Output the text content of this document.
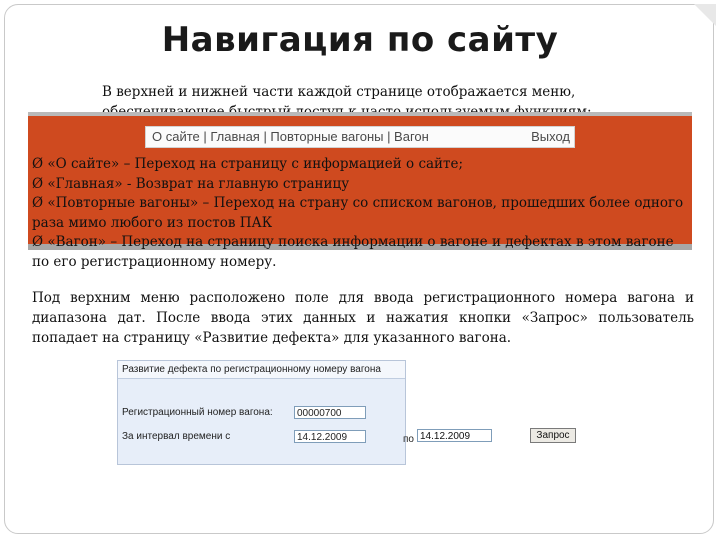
Навигация по сайту
В верхней и нижней части каждой странице отображается меню,
О сайте | Главная | Повторные вагоны | Вагон	Выход

Ø «О сайте» – Переход на страницу с информацией о сайте;

Ø «Главная» - Возврат на главную страницу

Ø «Повторные вагоны» – Переход на страну со списком вагонов, прошедших более одного раза мимо любого из постов ПАК

Ø «Вагон» – Переход на страницу поиска информации о вагоне и дефектах в этом вагоне по его регистрационному номеру.

Под верхним меню расположено поле для ввода регистрационного номера вагона и диапазона дат. После ввода этих данных и нажатия кнопки «Запрос» пользователь попадает на страницу «Развитие дефекта» для указанного вагона.
Развитие дефекта по регистрационному номеру вагона
Регистрационный номер вагона:	00000700
За интервал времени с	14.12.2009	по 14.12.2009	Запрос
